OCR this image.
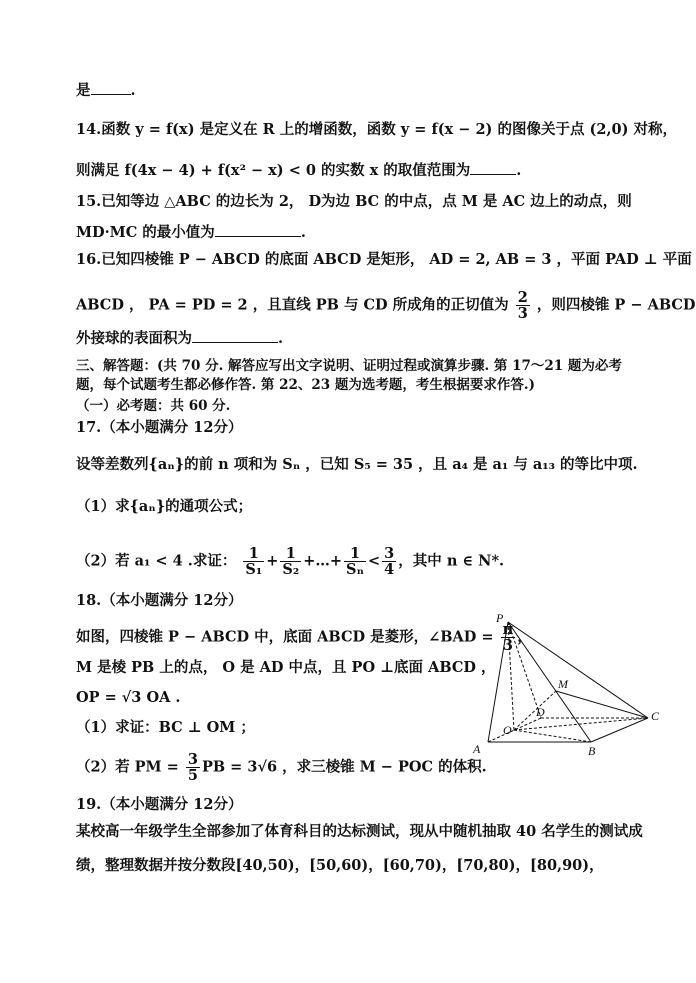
是	.
14.函数 y = f(x) 是定义在 R 上的增函数，函数 y = f(x − 2) 的图像关于点 (2,0) 对称，
则满足 f(4x − 4) + f(x² − x) < 0 的实数 x 的取值范围为	.
15.已知等边 △ABC 的边长为 2， D为边 BC 的中点，点 M 是 AC 边上的动点，则
MD·MC 的最小值为	.
16.已知四棱锥 P − ABCD 的底面 ABCD 是矩形， AD = 2, AB = 3 ，平面 PAD ⊥ 平面
ABCD ， PA = PD = 2 ，且直线 PB 与 CD 所成角的正切值为 $\frac{2}{3}$ ，则四棱锥 P − ABCD
外接球的表面积为	.
三、解答题：(共 70 分. 解答应写出文字说明、证明过程或演算步骤. 第 17～21 题为必考
题，每个试题考生都必修作答. 第 22、23 题为选考题，考生根据要求作答.)
（一）必考题：共 60 分.
17.（本小题满分 12分）
设等差数列{aₙ}的前 n 项和为 Sₙ ，已知 S₅ = 35 ，且 a₄ 是 a₁ 与 a₁₃ 的等比中项.
（1）求{aₙ}的通项公式；
（2）若 a₁ < 4 .求证： $\frac{1}{\text{S₁}} + \frac{1}{\text{S₂}}$ +…+ $\frac{1}{\text{Sₙ}} < \frac{3}{4}$ ，其中 n ∈ N*.
18.（本小题满分 12分）
如图，四棱锥 P − ABCD 中，底面 ABCD 是菱形，∠BAD = $\frac{\pi}{3}$ ，
M 是棱 PB 上的点， O 是 AD 中点，且 PO ⊥底面 ABCD ，
OP = √3 OA .
（1）求证：BC ⊥ OM ；
（2）若 PM = $\frac{3}{5}$ PB = 3√6 ，求三棱锥 M − POC 的体积.
P
M
D
O
A	B
C
19.（本小题满分 12分）
某校高一年级学生全部参加了体育科目的达标测试，现从中随机抽取 40 名学生的测试成
绩，整理数据并按分数段[40,50)，[50,60)，[60,70)，[70,80)，[80,90)，
